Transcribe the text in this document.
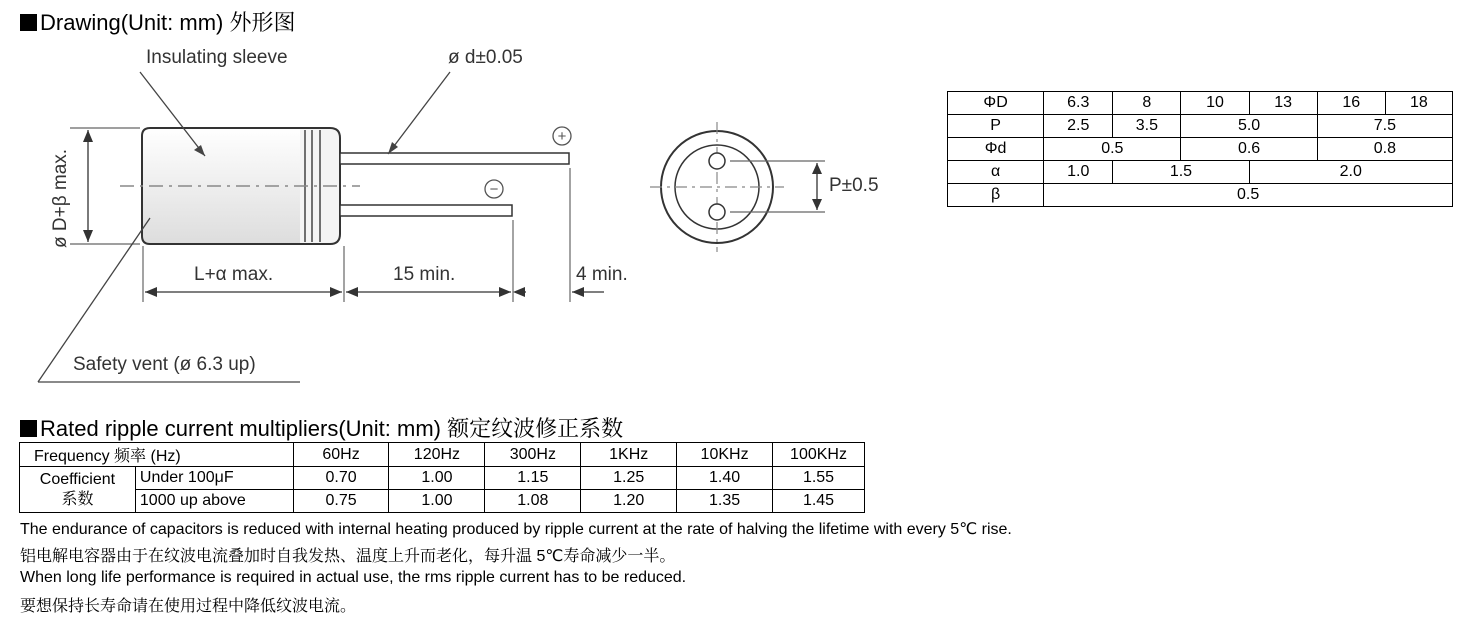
Drawing(Unit: mm) 外形图
+
−
Insulating sleeve	ø d±0.05
ø D+β max.
L+α max.	15 min.	4 min.
Safety vent (ø 6.3 up)
P±0.5
ΦD	6.3	8	10	13	16	18
P	2.5	3.5	5.0		7.5	
Φd	0.5		0.6		0.8	
α	1.0	1.5		2.0		
β	0.5					
Rated ripple current multipliers(Unit: mm) 额定纹波修正系数
Frequency 频率 (Hz)		60Hz	120Hz	300Hz	1KHz	10KHz	100KHz

Coefficient
系数	Under 100μF	0.70	1.00	1.15	1.25	1.40	1.55
	1000 up above	0.75	1.00	1.08	1.20	1.35	1.45
The endurance of capacitors is reduced with internal heating produced by ripple current at the rate of halving the lifetime with every 5℃ rise.
铝电解电容器由于在纹波电流叠加时自我发热、温度上升而老化，每升温 5℃寿命减少一半。
When long life performance is required in actual use, the rms ripple current has to be reduced.
要想保持长寿命请在使用过程中降低纹波电流。
